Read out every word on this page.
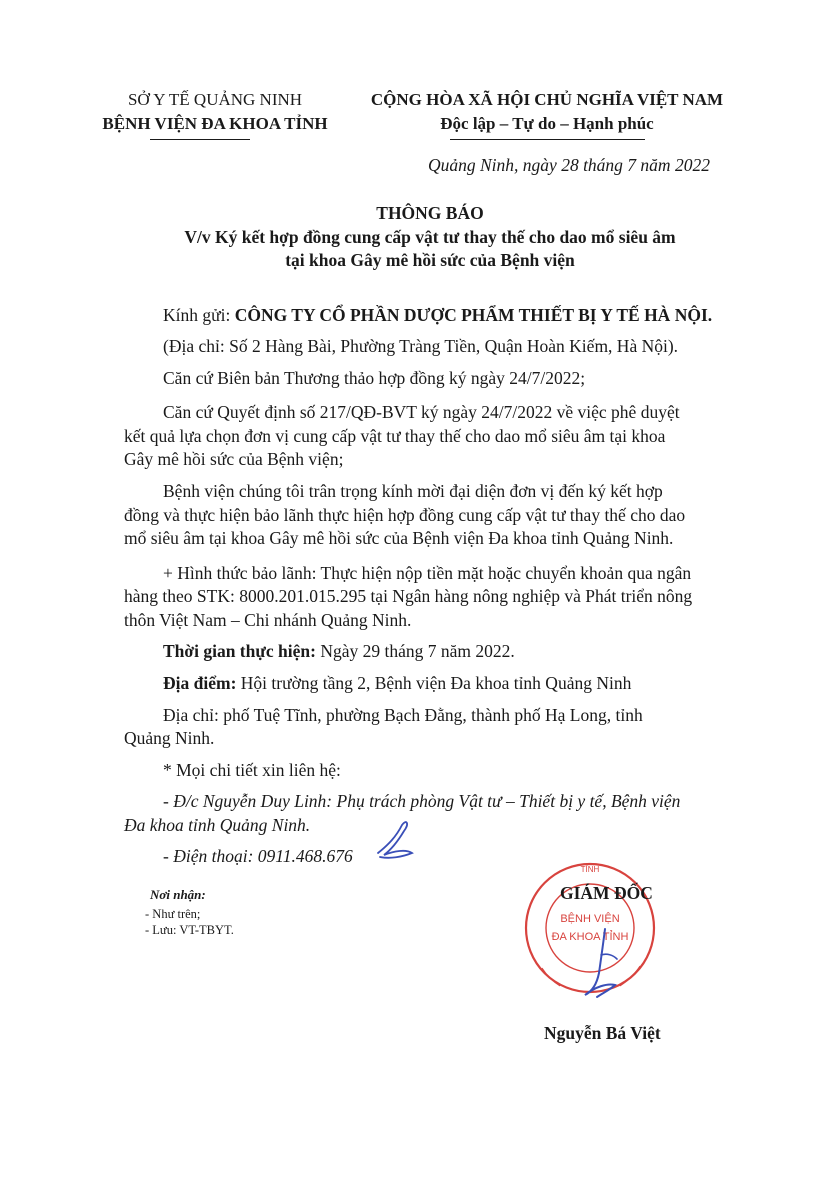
SỞ Y TẾ QUẢNG NINH
BỆNH VIỆN ĐA KHOA TỈNH
CỘNG HÒA XÃ HỘI CHỦ NGHĨA VIỆT NAM
Độc lập – Tự do – Hạnh phúc
Quảng Ninh, ngày 28 tháng 7 năm 2022
THÔNG BÁO
V/v Ký kết hợp đồng cung cấp vật tư thay thế cho dao mổ siêu âm
tại khoa Gây mê hồi sức của Bệnh viện
Kính gửi: CÔNG TY CỔ PHẦN DƯỢC PHẨM THIẾT BỊ Y TẾ HÀ NỘI.
(Địa chỉ: Số 2 Hàng Bài, Phường Tràng Tiền, Quận Hoàn Kiếm, Hà Nội).
Căn cứ Biên bản Thương thảo hợp đồng ký ngày 24/7/2022;
Căn cứ Quyết định số 217/QĐ-BVT ký ngày 24/7/2022 về việc phê duyệt
kết quả lựa chọn đơn vị cung cấp vật tư thay thế cho dao mổ siêu âm tại khoa
Gây mê hồi sức của Bệnh viện;
Bệnh viện chúng tôi trân trọng kính mời đại diện đơn vị đến ký kết hợp
đồng và thực hiện bảo lãnh thực hiện hợp đồng cung cấp vật tư thay thế cho dao
mổ siêu âm tại khoa Gây mê hồi sức của Bệnh viện Đa khoa tỉnh Quảng Ninh.
+ Hình thức bảo lãnh: Thực hiện nộp tiền mặt hoặc chuyển khoản qua ngân
hàng theo STK: 8000.201.015.295 tại Ngân hàng nông nghiệp và Phát triển nông
thôn Việt Nam – Chi nhánh Quảng Ninh.
Thời gian thực hiện: Ngày 29 tháng 7 năm 2022.
Địa điểm: Hội trường tầng 2, Bệnh viện Đa khoa tỉnh Quảng Ninh
Địa chỉ: phố Tuệ Tĩnh, phường Bạch Đằng, thành phố Hạ Long, tỉnh
Quảng Ninh.
* Mọi chi tiết xin liên hệ:
- Đ/c Nguyễn Duy Linh: Phụ trách phòng Vật tư – Thiết bị y tế, Bệnh viện
Đa khoa tỉnh Quảng Ninh.
- Điện thoại: 0911.468.676
Nơi nhận:
- Như trên;
- Lưu: VT-TBYT.
TỈNH
BỆNH VIỆN
ĐA KHOA TỈNH
GIÁM ĐỐC
Nguyễn Bá Việt
